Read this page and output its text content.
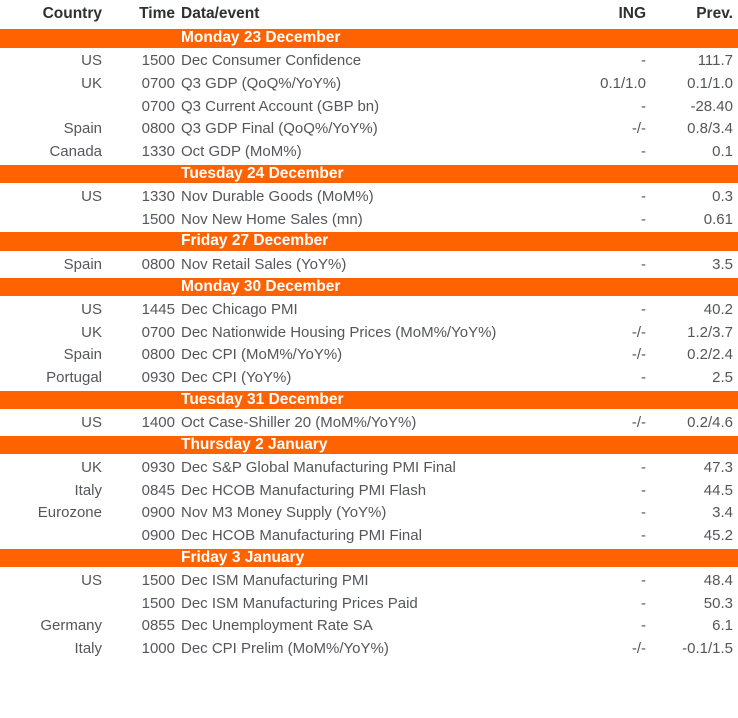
Country	Time	Data/event	ING	Prev.
Monday 23 December				
US	1500	Dec Consumer Confidence	-	111.7
UK	0700	Q3 GDP (QoQ%/YoY%)	0.1/1.0	0.1/1.0
	0700	Q3 Current Account (GBP bn)	-	-28.40
Spain	0800	Q3 GDP Final (QoQ%/YoY%)	-/-	0.8/3.4
Canada	1330	Oct GDP (MoM%)	-	0.1
Tuesday 24 December				
US	1330	Nov Durable Goods (MoM%)	-	0.3
	1500	Nov New Home Sales (mn)	-	0.61
Friday 27 December				
Spain	0800	Nov Retail Sales (YoY%)	-	3.5
Monday 30 December				
US	1445	Dec Chicago PMI	-	40.2
UK	0700	Dec Nationwide Housing Prices (MoM%/YoY%)	-/-	1.2/3.7
Spain	0800	Dec CPI (MoM%/YoY%)	-/-	0.2/2.4
Portugal	0930	Dec CPI (YoY%)	-	2.5
Tuesday 31 December				
US	1400	Oct Case-Shiller 20 (MoM%/YoY%)	-/-	0.2/4.6
Thursday 2 January				
UK	0930	Dec S&P Global Manufacturing PMI Final	-	47.3
Italy	0845	Dec HCOB Manufacturing PMI Flash	-	44.5
Eurozone	0900	Nov M3 Money Supply (YoY%)	-	3.4
	0900	Dec HCOB Manufacturing PMI Final	-	45.2
Friday 3 January				
US	1500	Dec ISM Manufacturing PMI	-	48.4
	1500	Dec ISM Manufacturing Prices Paid	-	50.3
Germany	0855	Dec Unemployment Rate SA	-	6.1
Italy	1000	Dec CPI Prelim (MoM%/YoY%)	-/-	-0.1/1.5
